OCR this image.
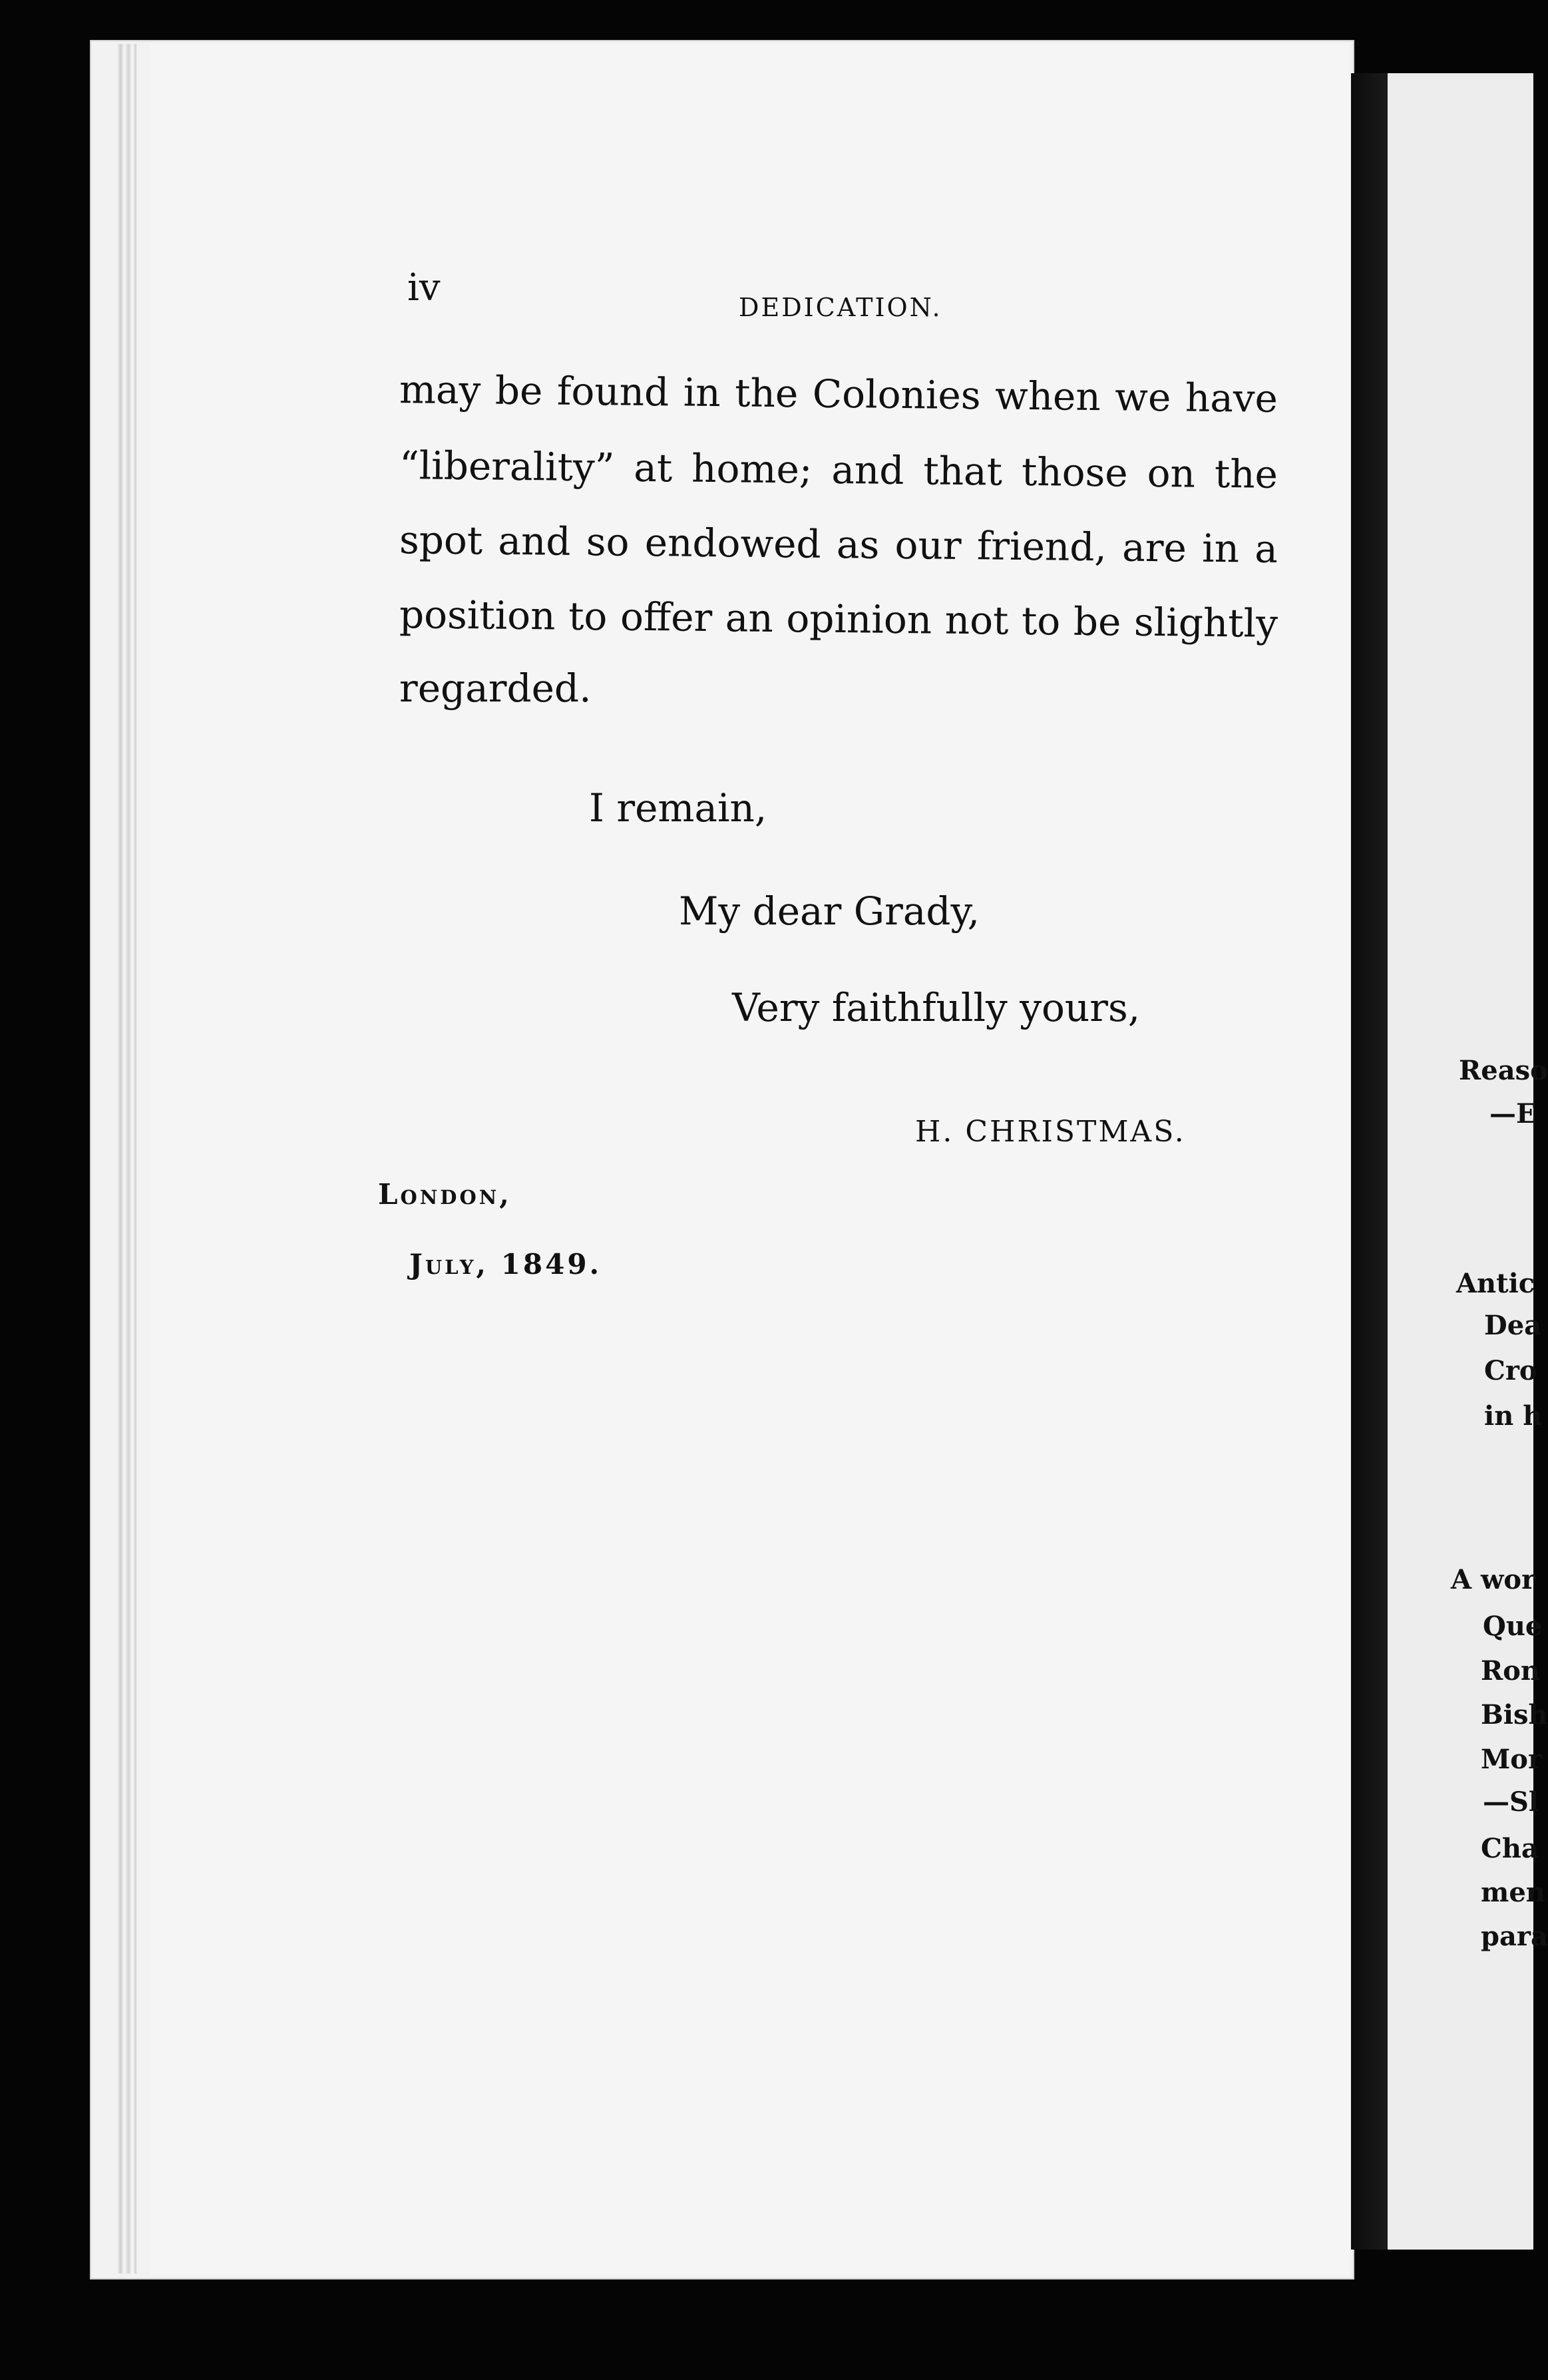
Reaso
—E
Antic
Dea
Cro
in h
A wor
Que
Ron
Bish
Mor
—Sl
Cha
men
para
iv	DEDICATION.
may be found in the Colonies when we have
“liberality” at home; and that those on the
spot and so endowed as our friend, are in a
position to offer an opinion not to be slightly
regarded.
I remain,
My dear Grady,
Very faithfully yours,
H. CHRISTMAS.
London,
July, 1849.
